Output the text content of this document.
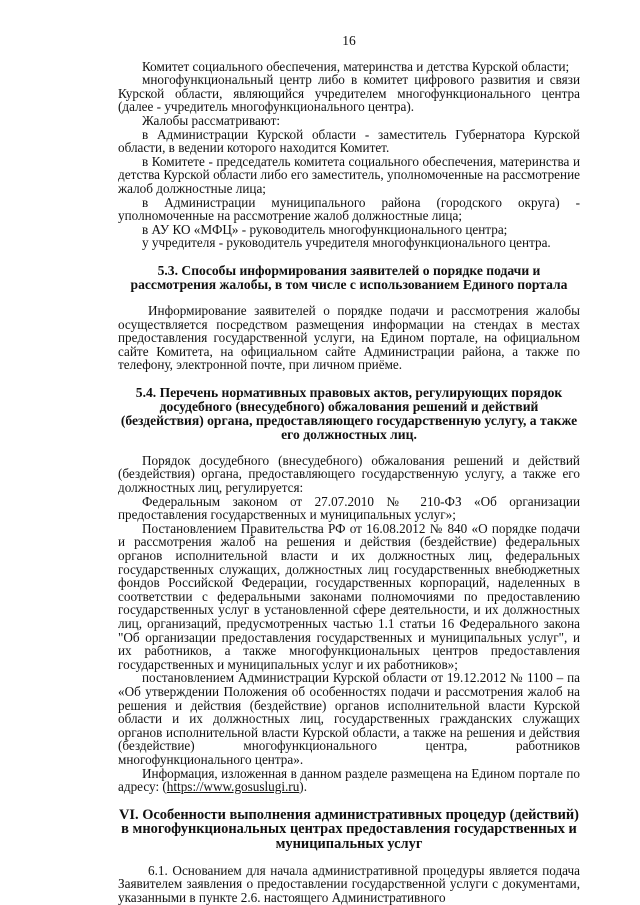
16

Комитет социального обеспечения, материнства и детства Курской области;

многофункциональный центр либо в комитет цифрового развития и связи Курской области, являющийся учредителем многофункционального центра (далее - учредитель многофункционального центра).

Жалобы рассматривают:

в Администрации Курской области - заместитель Губернатора Курской области, в ведении которого находится Комитет.

в Комитете - председатель комитета социального обеспечения, материнства и детства Курской области либо его заместитель, уполномоченные на рассмотрение жалоб должностные лица;

в Администрации муниципального района (городского округа) - уполномоченные на рассмотрение жалоб должностные лица;

в АУ КО «МФЦ» - руководитель многофункционального центра;

у учредителя - руководитель учредителя многофункционального центра.

5.3. Способы информирования заявителей о порядке подачи и рассмотрения жалобы, в том числе с использованием Единого портала

Информирование заявителей о порядке подачи и рассмотрения жалобы осуществляется посредством размещения информации на стендах в местах предоставления государственной услуги, на Едином портале, на официальном сайте Комитета, на официальном сайте Администрации района, а также по телефону, электронной почте, при личном приёме.

5.4. Перечень нормативных правовых актов, регулирующих порядок досудебного (внесудебного) обжалования решений и действий (бездействия) органа, предоставляющего государственную услугу, а также его должностных лиц.

Порядок досудебного (внесудебного) обжалования решений и действий (бездействия) органа, предоставляющего государственную услугу, а также его должностных лиц, регулируется:

Федеральным законом от 27.07.2010 № 210-ФЗ «Об организации предоставления государственных и муниципальных услуг»;

Постановлением Правительства РФ от 16.08.2012 № 840 «О порядке подачи и рассмотрения жалоб на решения и действия (бездействие) федеральных органов исполнительной власти и их должностных лиц, федеральных государственных служащих, должностных лиц государственных внебюджетных фондов Российской Федерации, государственных корпораций, наделенных в соответствии с федеральными законами полномочиями по предоставлению государственных услуг в установленной сфере деятельности, и их должностных лиц, организаций, предусмотренных частью 1.1 статьи 16 Федерального закона "Об организации предоставления государственных и муниципальных услуг", и их работников, а также многофункциональных центров предоставления государственных и муниципальных услуг и их работников»;

постановлением Администрации Курской области от 19.12.2012 № 1100 – па «Об утверждении Положения об особенностях подачи и рассмотрения жалоб на решения и действия (бездействие) органов исполнительной власти Курской области и их должностных лиц, государственных гражданских служащих органов исполнительной власти Курской области, а также на решения и действия (бездействие) многофункционального центра, работников многофункционального центра».

Информация, изложенная в данном разделе размещена на Едином портале по адресу: (https://www.gosuslugi.ru).

VI. Особенности выполнения административных процедур (действий) в многофункциональных центрах предоставления государственных и муниципальных услуг

6.1. Основанием для начала административной процедуры является подача Заявителем заявления о предоставлении государственной услуги с документами, указанными в пункте 2.6. настоящего Административного
